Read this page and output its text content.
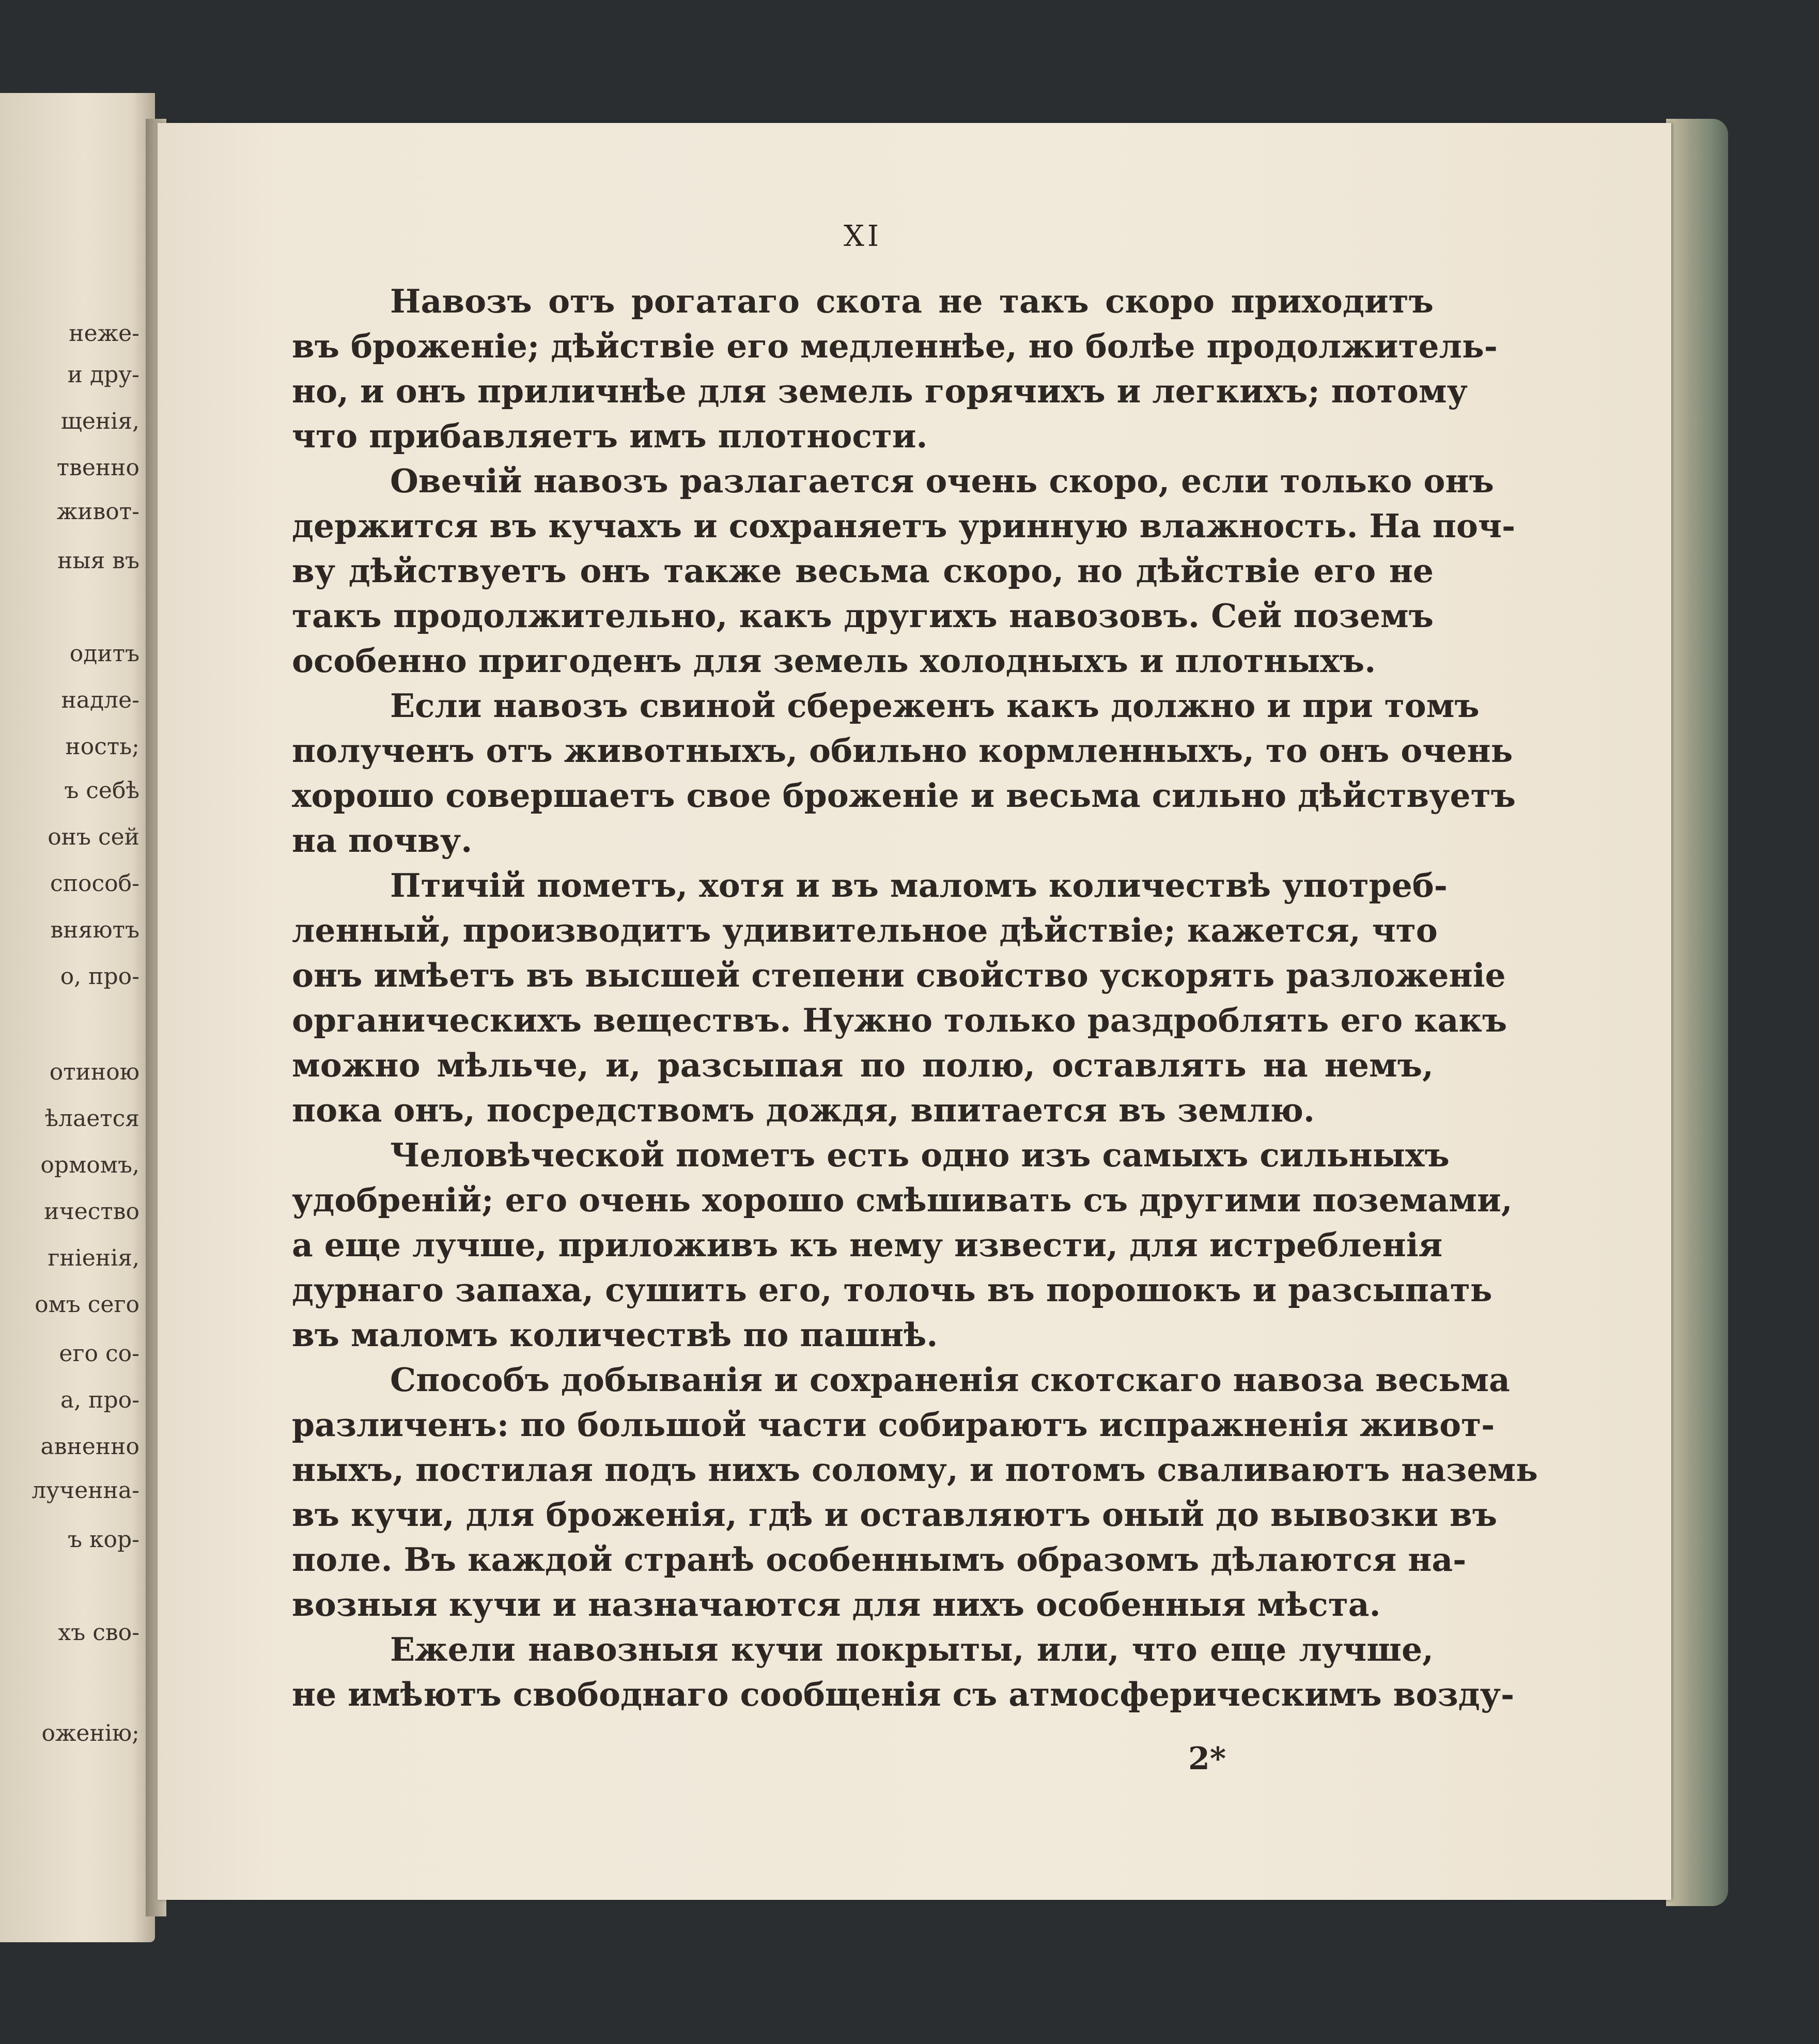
неже-
и дру-
щенія,
твенно
живот-
ныя въ
одитъ
надле-
ность;
ъ себѣ
онъ сей
способ-
вняютъ
о, про-
отиною
ѣлается
ормомъ,
ичество
гніенія,
омъ сего
его со-
а, про-
авненно
лученна-
ъ кор-
хъ сво-
оженію;
XI
Навозъ отъ рогатаго скота не такъ скоро приходитъ
въ броженіе; дѣйствіе его медленнѣе, но болѣе продолжитель-
но, и онъ приличнѣе для земель горячихъ и легкихъ; потому
что прибавляетъ имъ плотности.
Овечій навозъ разлагается очень скоро, если только онъ
держится въ кучахъ и сохраняетъ уринную влажность. На поч-
ву дѣйствуетъ онъ также весьма скоро, но дѣйствіе его не
такъ продолжительно, какъ другихъ навозовъ. Сей поземъ
особенно пригоденъ для земель холодныхъ и плотныхъ.
Если навозъ свиной сбереженъ какъ должно и при томъ
полученъ отъ животныхъ, обильно кормленныхъ, то онъ очень
хорошо совершаетъ свое броженіе и весьма сильно дѣйствуетъ
на почву.
Птичій пометъ, хотя и въ маломъ количествѣ употреб-
ленный, производитъ удивительное дѣйствіе; кажется, что
онъ имѣетъ въ высшей степени свойство ускорять разложеніе
органическихъ веществъ. Нужно только раздроблять его какъ
можно мѣльче, и, разсыпая по полю, оставлять на немъ,
пока онъ, посредствомъ дождя, впитается въ землю.
Человѣческой пометъ есть одно изъ самыхъ сильныхъ
удобреній; его очень хорошо смѣшивать съ другими поземами,
а еще лучше, приложивъ къ нему извести, для истребленія
дурнаго запаха, сушить его, толочь въ порошокъ и разсыпать
въ маломъ количествѣ по пашнѣ.
Способъ добыванія и сохраненія скотскаго навоза весьма
различенъ: по большой части собираютъ испражненія живот-
ныхъ, постилая подъ нихъ солому, и потомъ сваливаютъ наземь
въ кучи, для броженія, гдѣ и оставляютъ оный до вывозки въ
поле. Въ каждой странѣ особеннымъ образомъ дѣлаются на-
возныя кучи и назначаются для нихъ особенныя мѣста.
Ежели навозныя кучи покрыты, или, что еще лучше,
не имѣютъ свободнаго сообщенія съ атмосферическимъ возду-
2*
